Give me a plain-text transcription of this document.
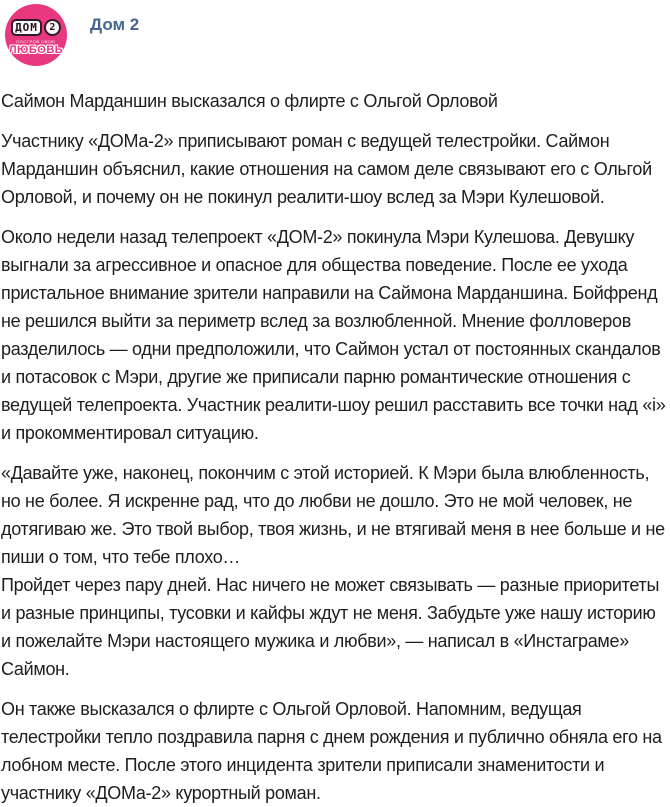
ДОМ	2
ПОСТРОЙ СВОЮ
ЛЮБОВЬ
Дом 2

Саймон Марданшин высказался о флирте с Ольгой Орловой

Участнику «ДОМа-2» приписывают роман с ведущей телестройки. Саймон Марданшин объяснил, какие отношения на самом деле связывают его с Ольгой Орловой, и почему он не покинул реалити-шоу вслед за Мэри Кулешовой.

Около недели назад телепроект «ДОМ-2» покинула Мэри Кулешова. Девушку выгнали за агрессивное и опасное для общества поведение. После ее ухода пристальное внимание зрители направили на Саймона Марданшина. Бойфренд не решился выйти за периметр вслед за возлюбленной. Мнение фолловеров разделилось — одни предположили, что Саймон устал от постоянных скандалов и потасовок с Мэри, другие же приписали парню романтические отношения с ведущей телепроекта. Участник реалити-шоу решил расставить все точки над «i» и прокомментировал ситуацию.

«Давайте уже, наконец, покончим с этой историей. К Мэри была влюбленность, но не более. Я искренне рад, что до любви не дошло. Это не мой человек, не дотягиваю же. Это твой выбор, твоя жизнь, и не втягивай меня в нее больше и не пиши о том, что тебе плохо…

Пройдет через пару дней. Нас ничего не может связывать — разные приоритеты и разные принципы, тусовки и кайфы ждут не меня. Забудьте уже нашу историю и пожелайте Мэри настоящего мужика и любви», — написал в «Инстаграме» Саймон.

Он также высказался о флирте с Ольгой Орловой. Напомним, ведущая телестройки тепло поздравила парня с днем рождения и публично обняла его на лобном месте. После этого инцидента зрители приписали знаменитости и участнику «ДОМа-2» курортный роман.
